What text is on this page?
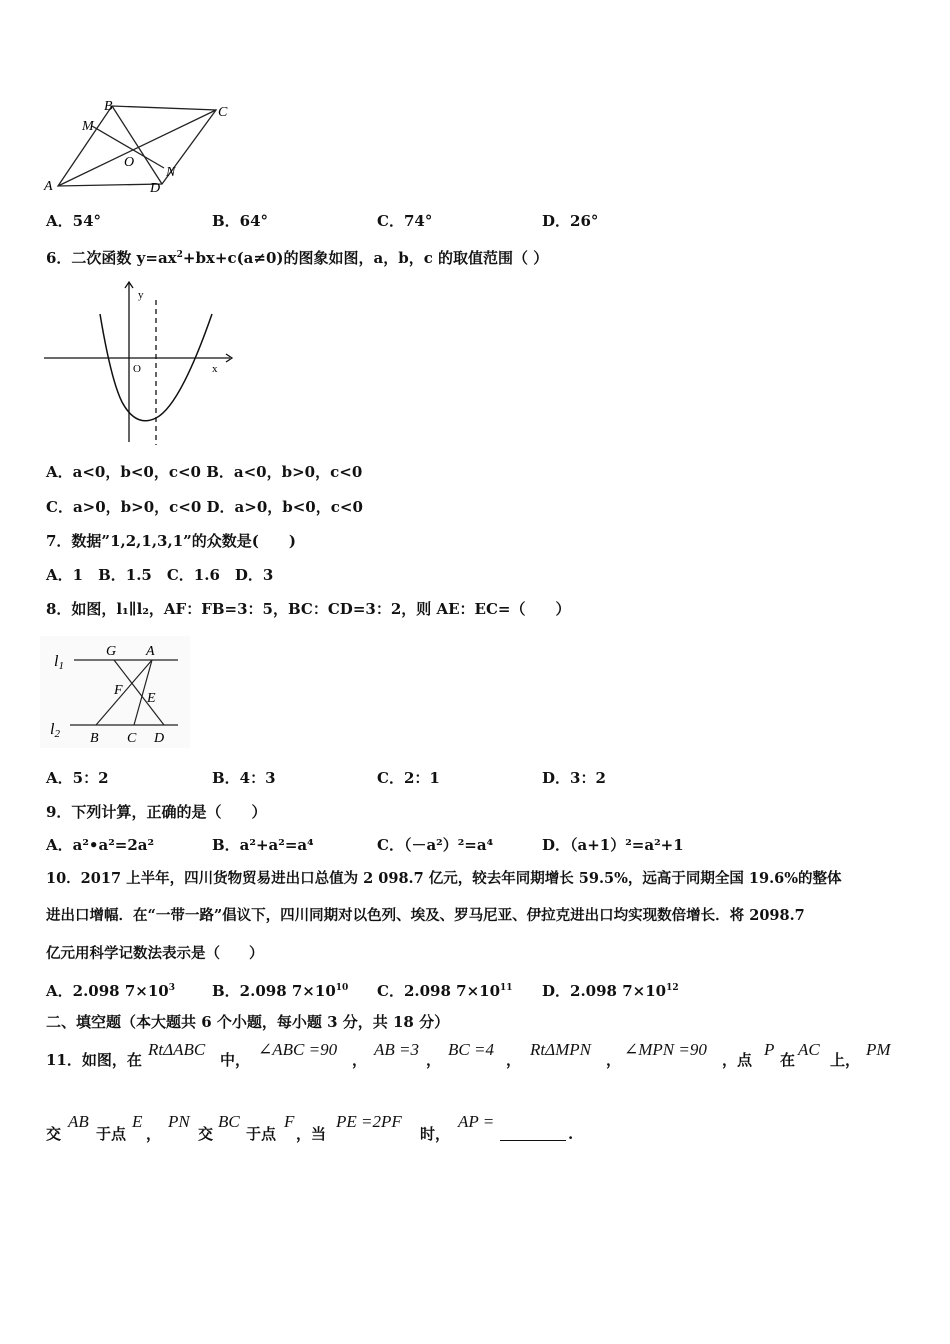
B	C
M
O
N
A	D
A．54°	B．64°	C．74°	D．26°
6．二次函数 $y=ax^2+bx+c(a\ne 0)$的图象如图，a，b，c 的取值范围（ ）
y
O	x
A．a<0，b<0，c<0 B．a<0，b>0，c<0
C．a>0，b>0，c<0 D．a>0，b<0，c<0
7．数据”1,2,1,3,1”的众数是(　　)
A．1　B．1.5　C．1.6　D．3
8．如图，l₁∥l₂，AF：FB=3：5，BC：CD=3：2，则 AE：EC=（　　）
l1
l2
G A
F
E
B C D
A．5：2	B．4：3	C．2：1	D．3：2
9．下列计算，正确的是（　　）
A．a²•a²=2a²	B．a²+a²=a⁴	C．（－a²）²=a⁴	D．（a+1）²=a²+1
10．2017 上半年，四川货物贸易进出口总值为 2 098.7 亿元，较去年同期增长 59.5%，远高于同期全国 19.6%的整体
进出口增幅．在“一带一路”倡议下，四川同期对以色列、埃及、罗马尼亚、伊拉克进出口均实现数倍增长．将 2098.7
亿元用科学记数法表示是（　　）
A．2.098 $7\times 10^3$ B．2.098 $7\times 10^{10}$ C．2.098 $7\times 10^{11}$ D．2.098 $7\times 10^{12}$
二、填空题（本大题共 6 个小题，每小题 3 分，共 18 分）
11．如图，在
RtΔABC
中，
∠ABC =90
，
AB =3
，
BC =4
，
RtΔMPN
，
∠MPN =90
，点
P
在
AC
上，
PM
交
AB
于点
E
，
PN
交
BC
于点
F
，当
PE =2PF
时，
AP =
.
